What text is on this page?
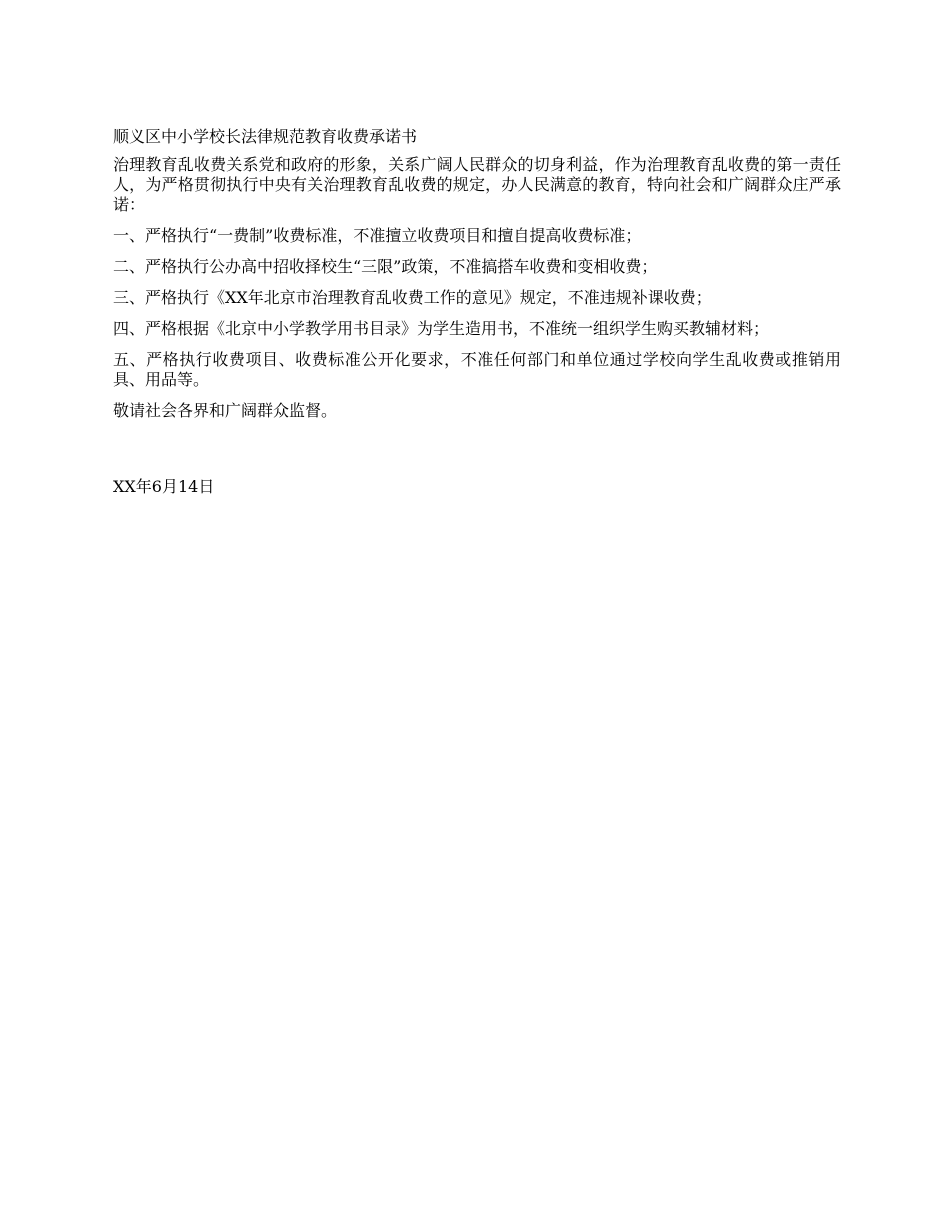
顺义区中小学校长法律规范教育收费承诺书

治理教育乱收费关系党和政府的形象，关系广阔人民群众的切身利益，作为治理教育乱收费的第一责任人，为严格贯彻执行中央有关治理教育乱收费的规定，办人民满意的教育，特向社会和广阔群众庄严承诺：

一、严格执行“一费制”收费标准，不准擅立收费项目和擅自提高收费标准；

二、严格执行公办高中招收择校生“三限”政策，不准搞搭车收费和变相收费；

三、严格执行《XX年北京市治理教育乱收费工作的意见》规定，不准违规补课收费；

四、严格根据《北京中小学教学用书目录》为学生造用书，不准统一组织学生购买教辅材料；

五、严格执行收费项目、收费标准公开化要求，不准任何部门和单位通过学校向学生乱收费或推销用具、用品等。

敬请社会各界和广阔群众监督。

XX年6月14日
